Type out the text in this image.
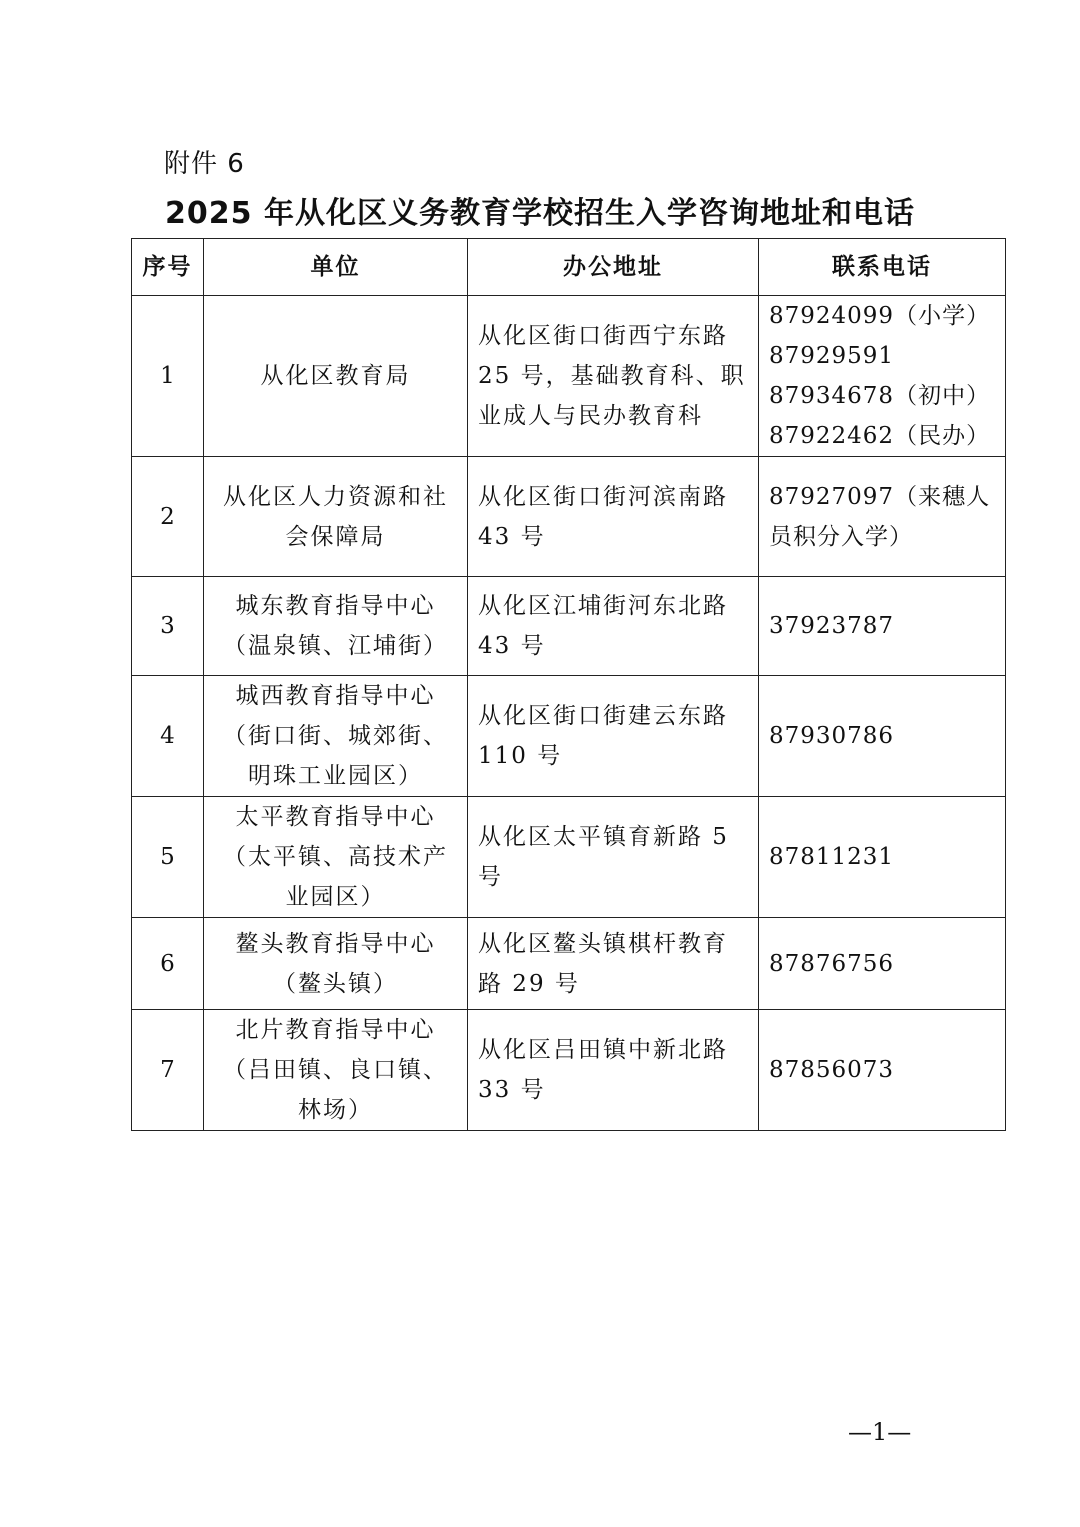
附件 6
2025 年从化区义务教育学校招生入学咨询地址和电话
序号	单位	办公地址	联系电话
1	从化区教育局	从化区街口街西宁东路 25 号，基础教育科、职业成人与民办教育科	87924099（小学）
87929591
87934678（初中）
87922462（民办）

2	从化区人力资源和社会保障局	从化区街口街河滨南路 43 号	87927097（来穗人员积分入学）
3	城东教育指导中心（温泉镇、江埔街）	从化区江埔街河东北路 43 号	37923787
4	城西教育指导中心（街口街、城郊街、明珠工业园区）	从化区街口街建云东路 110 号	87930786
5	太平教育指导中心（太平镇、高技术产业园区）	从化区太平镇育新路 5 号	87811231
6	鳌头教育指导中心（鳌头镇）	从化区鳌头镇棋杆教育路 29 号	87876756
7	北片教育指导中心（吕田镇、良口镇、林场）	从化区吕田镇中新北路 33 号	87856073
—1—
